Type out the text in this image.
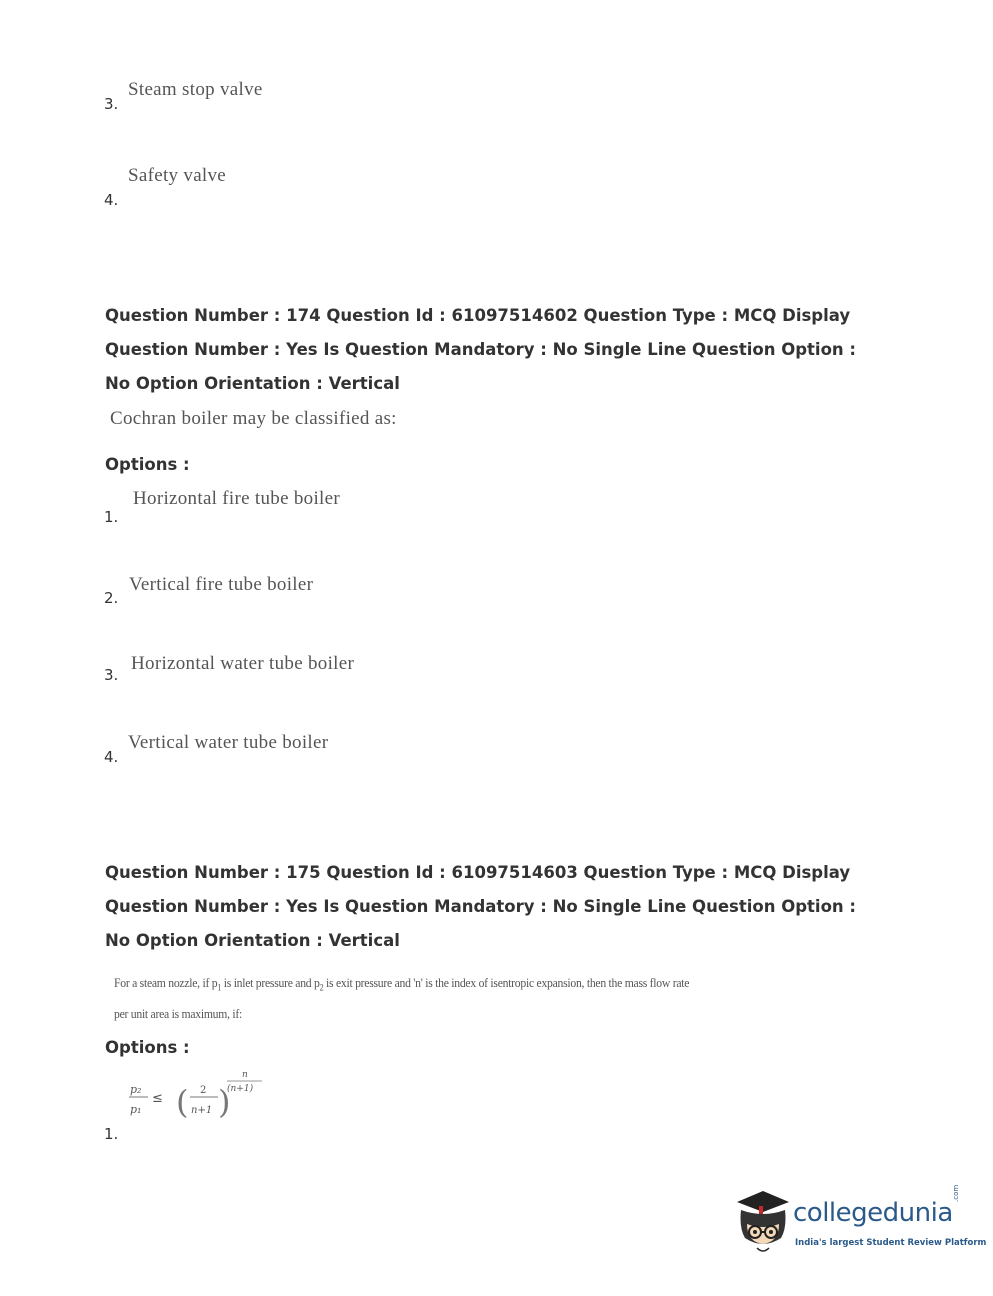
Steam stop valve
3.
Safety valve
4.
Question Number : 174 Question Id : 61097514602 Question Type : MCQ Display Question Number : Yes Is Question Mandatory : No Single Line Question Option : No Option Orientation : Vertical
Cochran boiler may be classified as:
Options :
Horizontal fire tube boiler
1.
Vertical fire tube boiler
2.
Horizontal water tube boiler
3.
Vertical water tube boiler
4.
Question Number : 175 Question Id : 61097514603 Question Type : MCQ Display Question Number : Yes Is Question Mandatory : No Single Line Question Option : No Option Orientation : Vertical
For a steam nozzle, if $p_1$ is inlet pressure and $p_2$ is exit pressure and 'n' is the index of isentropic expansion, then the mass flow rate per unit area is maximum, if:
Options :
p₂
p₁
≤ ( 2
n+1 )
n
(n+1)
1.
collegedunia
.com
India's largest Student Review Platform
